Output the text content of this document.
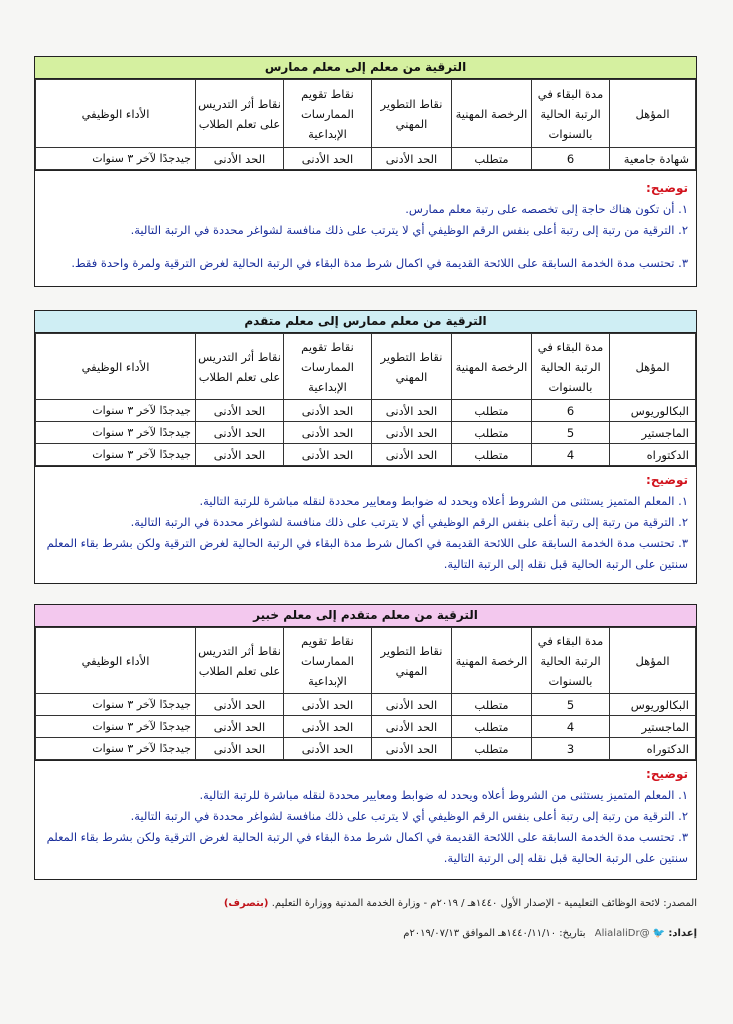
الترقية من معلم إلى معلم ممارس
المؤهل	مدة البقاء في الرتبة الحالية بالسنوات	الرخصة المهنية	نقاط التطوير المهني	نقاط تقويم الممارسات الإبداعية	نقاط أثر التدريس على تعلم الطلاب	الأداء الوظيفي
شهادة جامعية	6	متطلب	الحد الأدنى	الحد الأدنى	الحد الأدنى	جيدجدًا لآخر ٣ سنوات
توضيح:

١. أن تكون هناك حاجة إلى تخصصه على رتبة معلم ممارس.

٢. الترقية من رتبة إلى رتبة أعلى بنفس الرقم الوظيفي أي لا يترتب على ذلك منافسة لشواغر محددة في الرتبة التالية.

٣. تحتسب مدة الخدمة السابقة على اللائحة القديمة في اكمال شرط مدة البقاء في الرتبة الحالية لغرض الترقية ولمرة واحدة فقط.

الترقية من معلم ممارس إلى معلم متقدم
المؤهل	مدة البقاء في الرتبة الحالية بالسنوات	الرخصة المهنية	نقاط التطوير المهني	نقاط تقويم الممارسات الإبداعية	نقاط أثر التدريس على تعلم الطلاب	الأداء الوظيفي
البكالوريوس	6	متطلب	الحد الأدنى	الحد الأدنى	الحد الأدنى	جيدجدًا لآخر ٣ سنوات
الماجستير	5	متطلب	الحد الأدنى	الحد الأدنى	الحد الأدنى	جيدجدًا لآخر ٣ سنوات
الدكتوراه	4	متطلب	الحد الأدنى	الحد الأدنى	الحد الأدنى	جيدجدًا لآخر ٣ سنوات
توضيح:

١. المعلم المتميز يستثنى من الشروط أعلاه ويحدد له ضوابط ومعايير محددة لنقله مباشرة للرتبة التالية.

٢. الترقية من رتبة إلى رتبة أعلى بنفس الرقم الوظيفي أي لا يترتب على ذلك منافسة لشواغر محددة في الرتبة التالية.

٣. تحتسب مدة الخدمة السابقة على اللائحة القديمة في اكمال شرط مدة البقاء في الرتبة الحالية لغرض الترقية ولكن بشرط بقاء المعلم سنتين على الرتبة الحالية قبل نقله إلى الرتبة التالية.

الترقية من معلم متقدم إلى معلم خبير
المؤهل	مدة البقاء في الرتبة الحالية بالسنوات	الرخصة المهنية	نقاط التطوير المهني	نقاط تقويم الممارسات الإبداعية	نقاط أثر التدريس على تعلم الطلاب	الأداء الوظيفي
البكالوريوس	5	متطلب	الحد الأدنى	الحد الأدنى	الحد الأدنى	جيدجدًا لآخر ٣ سنوات
الماجستير	4	متطلب	الحد الأدنى	الحد الأدنى	الحد الأدنى	جيدجدًا لآخر ٣ سنوات
الدكتوراه	3	متطلب	الحد الأدنى	الحد الأدنى	الحد الأدنى	جيدجدًا لآخر ٣ سنوات
توضيح:

١. المعلم المتميز يستثنى من الشروط أعلاه ويحدد له ضوابط ومعايير محددة لنقله مباشرة للرتبة التالية.

٢. الترقية من رتبة إلى رتبة أعلى بنفس الرقم الوظيفي أي لا يترتب على ذلك منافسة لشواغر محددة في الرتبة التالية.

٣. تحتسب مدة الخدمة السابقة على اللائحة القديمة في اكمال شرط مدة البقاء في الرتبة الحالية لغرض الترقية ولكن بشرط بقاء المعلم سنتين على الرتبة الحالية قبل نقله إلى الرتبة التالية.

المصدر: لائحة الوظائف التعليمية - الإصدار الأول ١٤٤٠هـ / ٢٠١٩م - وزارة الخدمة المدنية ووزارة التعليم. (بتصرف)
إعداد: 🐦 @AlialaliDr بتاريخ: ١٤٤٠/١١/١٠هـ الموافق ٢٠١٩/٠٧/١٣م
